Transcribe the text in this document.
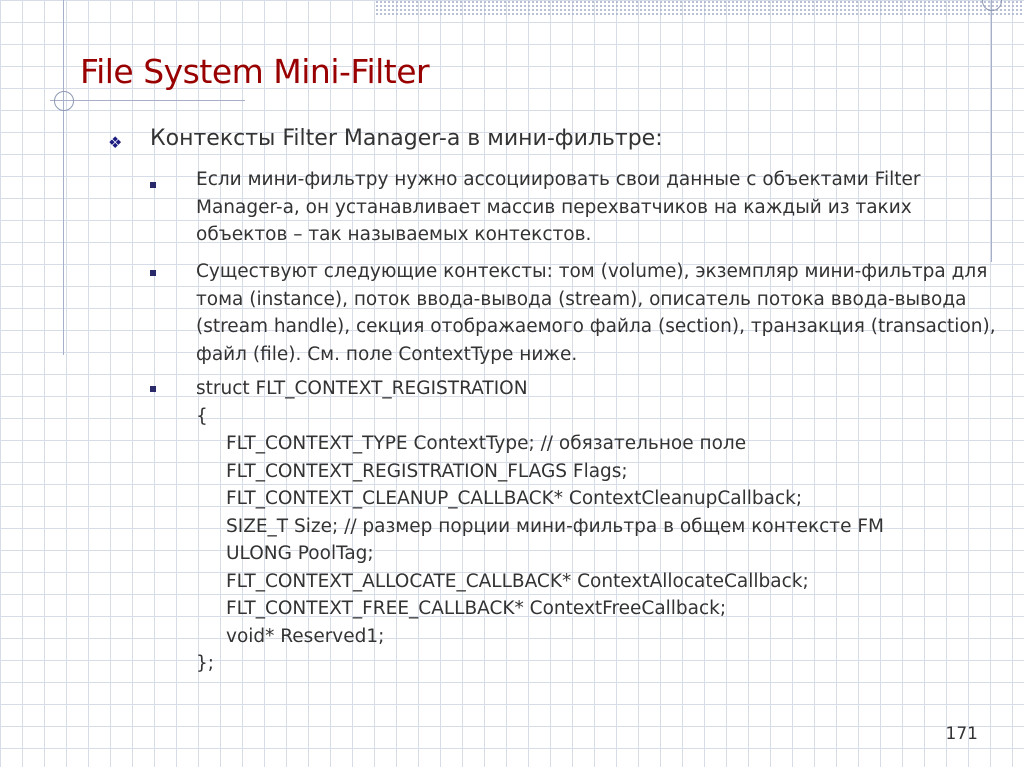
File System Mini-Filter
❖ Контексты Filter Manager-а в мини-фильтре:
Если мини-фильтру нужно ассоциировать свои данные с объектами Filter Manager-а, он устанавливает массив перехватчиков на каждый из таких объектов – так называемых контекстов.
Существуют следующие контексты: том (volume), экземпляр мини-фильтра для тома (instance), поток ввода-вывода (stream), описатель потока ввода-вывода (stream handle), секция отображаемого файла (section), транзакция (transaction), файл (file). См. поле ContextType ниже.
struct FLT_CONTEXT_REGISTRATION
{
FLT_CONTEXT_TYPE ContextType; // обязательное поле
FLT_CONTEXT_REGISTRATION_FLAGS Flags;
FLT_CONTEXT_CLEANUP_CALLBACK* ContextCleanupCallback;
SIZE_T Size; // размер порции мини-фильтра в общем контексте FM
ULONG PoolTag;
FLT_CONTEXT_ALLOCATE_CALLBACK* ContextAllocateCallback;
FLT_CONTEXT_FREE_CALLBACK* ContextFreeCallback;
void* Reserved1;
};
171
